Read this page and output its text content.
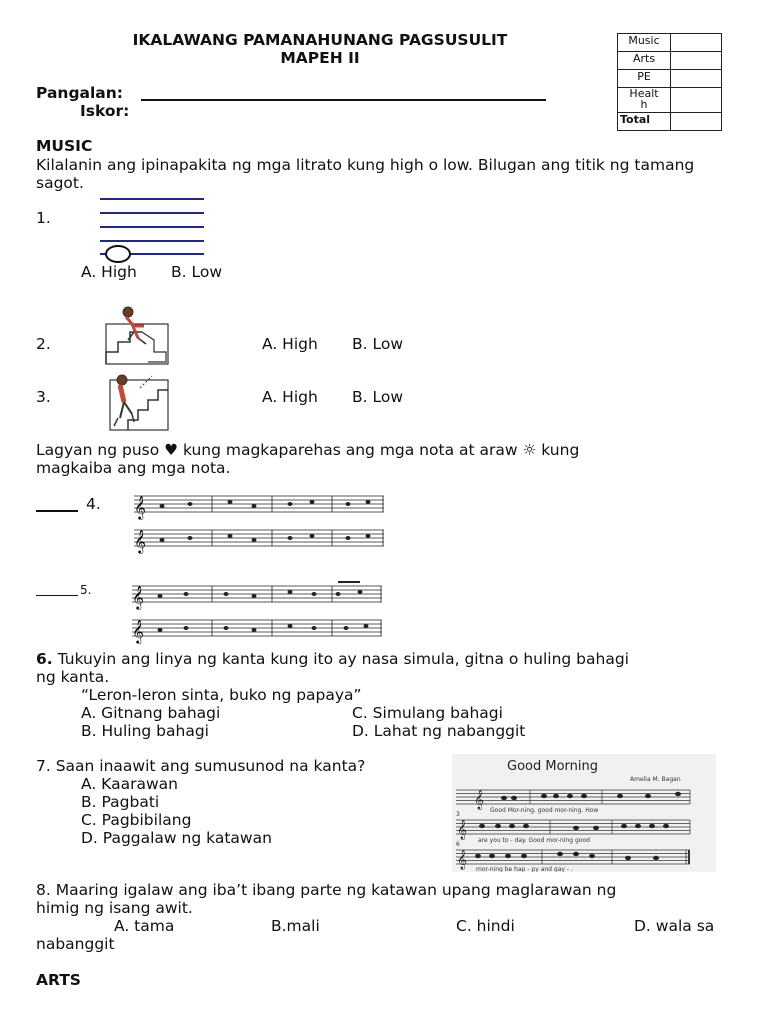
IKALAWANG PAMANAHUNANG PAGSUSULIT
MAPEH II
Music	
Arts	
PE	
Healt
h	
Total	
Pangalan:
Iskor:
MUSIC
Kilalanin ang ipinapakita ng mga litrato kung high o low. Bilugan ang titik ng tamang sagot.
1.
A. High B. Low
2.	A. High B. Low
3.	A. High B. Low
Lagyan ng puso ♥ kung magkaparehas ang mga nota at araw ☼ kung
magkaiba ang mga nota.
4. 𝄞
𝄞
5. 𝄞
𝄞
6. Tukuyin ang linya ng kanta kung ito ay nasa simula, gitna o huling bahagi
ng kanta.
“Leron-leron sinta, buko ng papaya”
A. Gitnang bahagi	C. Simulang bahagi
B. Huling bahagi	D. Lahat ng nabanggit
7. Saan inaawit ang sumusunod na kanta?
A. Kaarawan
B. Pagbati
C. Pagbibilang
D. Paggalaw ng katawan
Good Morning
Amelia M. Bagan
𝄞
𝄞
𝄞
3
6
Good Mor-ning, good mor-ning. How
are you to - day. Good mor-ning good
mor-ning be hap - py and gay - .
8. Maaring igalaw ang iba’t ibang parte ng katawan upang maglarawan ng
himig ng isang awit.
A. tama	B.mali	C. hindi	D. wala sa
nabanggit
ARTS
